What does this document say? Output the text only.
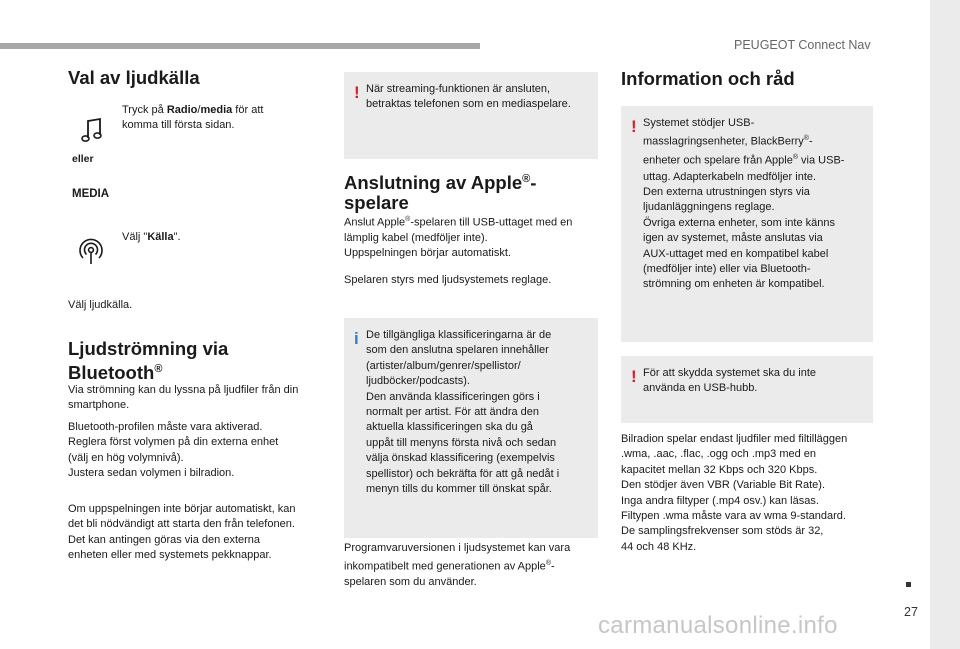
PEUGEOT Connect Nav
27
Val av ljudkälla

Tryck på Radio/media för att
komma till första sidan.

eller
MEDIA

Välj "Källa".

Välj ljudkälla.

Ljudströmning via
Bluetooth®

Via strömning kan du lyssna på ljudfiler från din
smartphone.

Bluetooth-profilen måste vara aktiverad.
Reglera först volymen på din externa enhet
(välj en hög volymnivå).
Justera sedan volymen i bilradion.

Om uppspelningen inte börjar automatiskt, kan
det bli nödvändigt att starta den från telefonen.
Det kan antingen göras via den externa
enheten eller med systemets pekknappar.

! När streaming-funktionen är ansluten,
betraktas telefonen som en mediaspelare.
Anslutning av Apple®-
spelare

Anslut Apple®-spelaren till USB-uttaget med en
lämplig kabel (medföljer inte).
Uppspelningen börjar automatiskt.

Spelaren styrs med ljudsystemets reglage.

i De tillgängliga klassificeringarna är de
som den anslutna spelaren innehåller
(artister/album/genrer/spellistor/
ljudböcker/podcasts).
Den använda klassificeringen görs i
normalt per artist. För att ändra den
aktuella klassificeringen ska du gå
uppåt till menyns första nivå och sedan
välja önskad klassificering (exempelvis
spellistor) och bekräfta för att gå nedåt i
menyn tills du kommer till önskat spår.

Programvaruversionen i ljudsystemet kan vara
inkompatibelt med generationen av Apple®-
spelaren som du använder.

Information och råd
! Systemet stödjer USB-
masslagringsenheter, BlackBerry®-
enheter och spelare från Apple® via USB-
uttag. Adapterkabeln medföljer inte.
Den externa utrustningen styrs via
ljudanläggningens reglage.
Övriga externa enheter, som inte känns
igen av systemet, måste anslutas via
AUX-uttaget med en kompatibel kabel
(medföljer inte) eller via Bluetooth-
strömning om enheten är kompatibel.
! För att skydda systemet ska du inte
använda en USB-hubb.

Bilradion spelar endast ljudfiler med filtilläggen
.wma, .aac, .flac, .ogg och .mp3 med en
kapacitet mellan 32 Kbps och 320 Kbps.
Den stödjer även VBR (Variable Bit Rate).
Inga andra filtyper (.mp4 osv.) kan läsas.
Filtypen .wma måste vara av wma 9-standard.
De samplingsfrekvenser som stöds är 32,
44 och 48 KHz.

carmanualsonline.info
